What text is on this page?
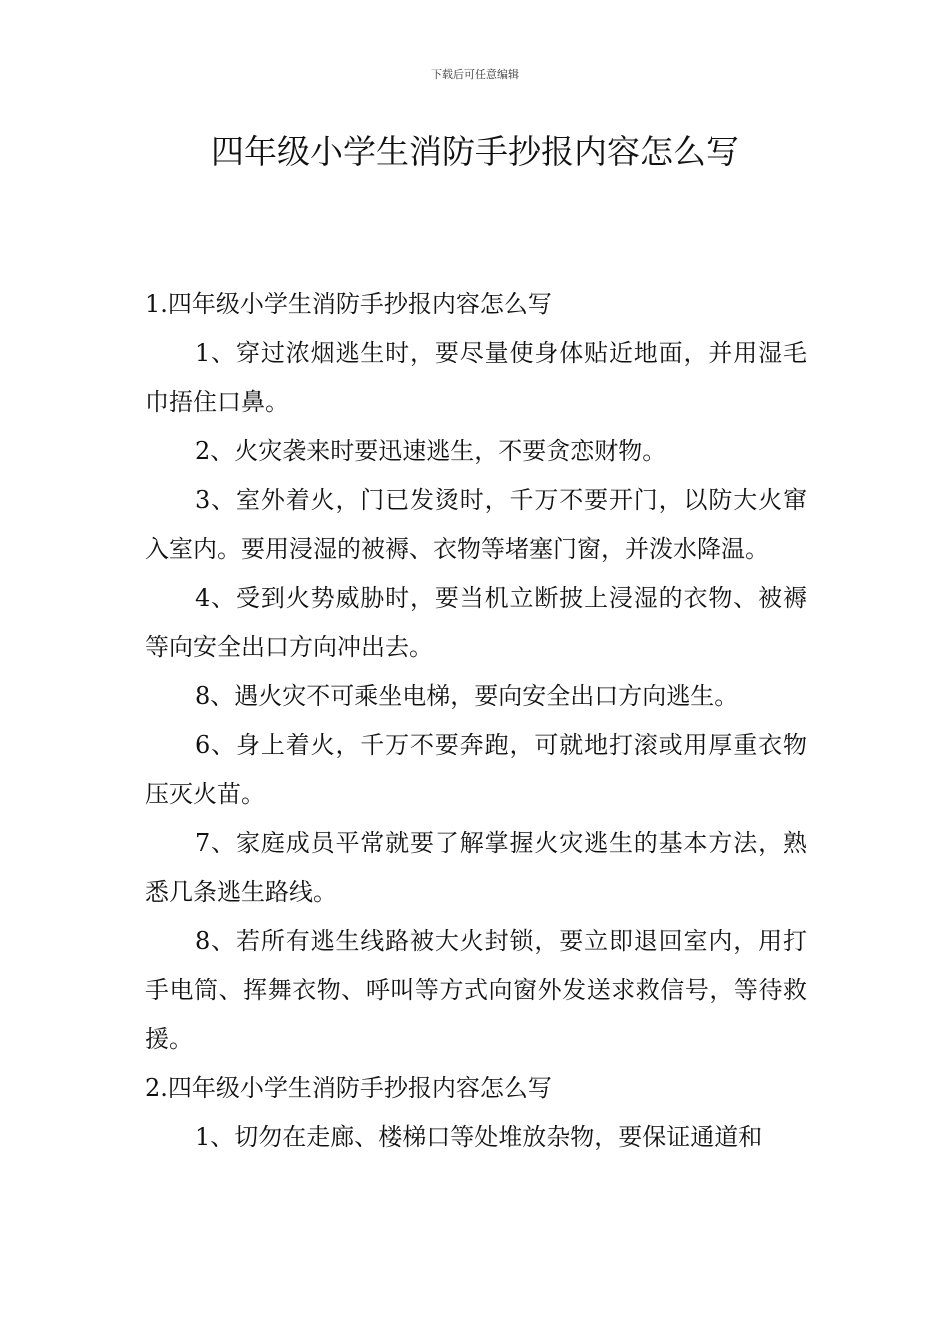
下载后可任意编辑
四年级小学生消防手抄报内容怎么写

1.四年级小学生消防手抄报内容怎么写

1、穿过浓烟逃生时，要尽量使身体贴近地面，并用湿毛巾捂住口鼻。

2、火灾袭来时要迅速逃生，不要贪恋财物。

3、室外着火，门已发烫时，千万不要开门，以防大火窜入室内。要用浸湿的被褥、衣物等堵塞门窗，并泼水降温。

4、受到火势威胁时，要当机立断披上浸湿的衣物、被褥等向安全出口方向冲出去。

8、遇火灾不可乘坐电梯，要向安全出口方向逃生。

6、身上着火，千万不要奔跑，可就地打滚或用厚重衣物压灭火苗。

7、家庭成员平常就要了解掌握火灾逃生的基本方法，熟悉几条逃生路线。

8、若所有逃生线路被大火封锁，要立即退回室内，用打手电筒、挥舞衣物、呼叫等方式向窗外发送求救信号，等待救援。

2.四年级小学生消防手抄报内容怎么写

1、切勿在走廊、楼梯口等处堆放杂物，要保证通道和
